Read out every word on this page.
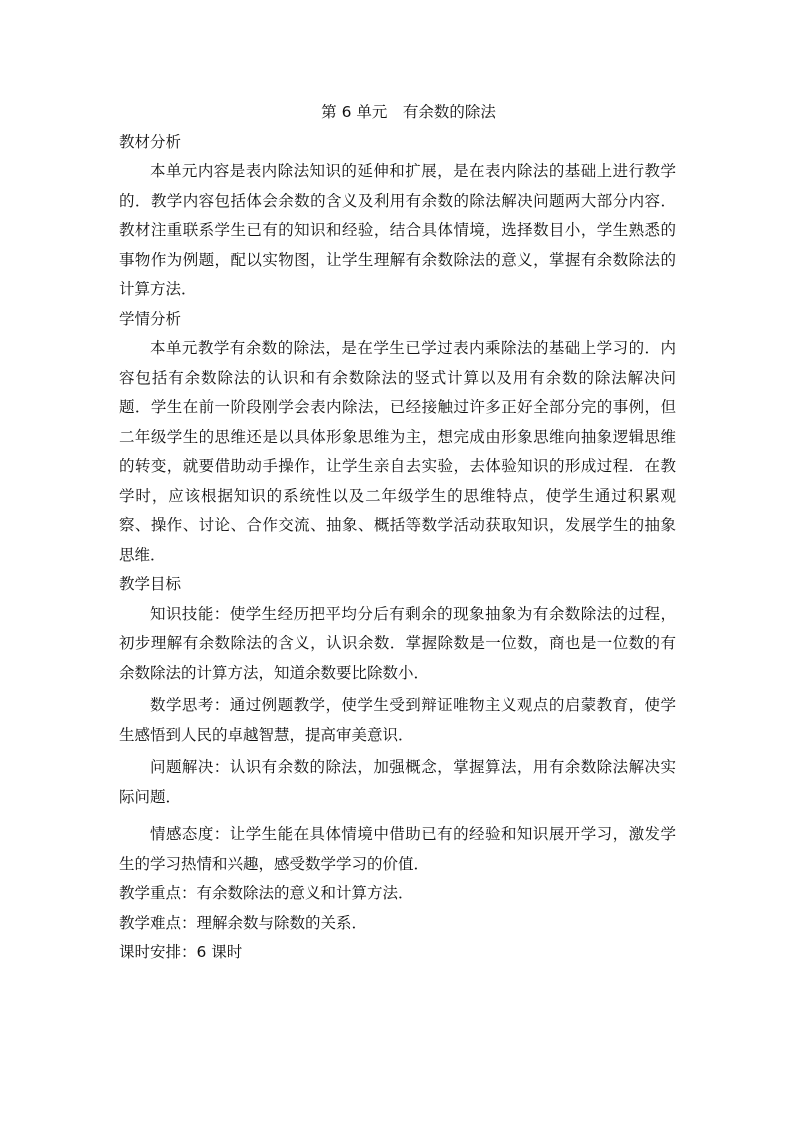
第 6 单元　有余数的除法
教材分析

本单元内容是表内除法知识的延伸和扩展，是在表内除法的基础上进行教学的．教学内容包括体会余数的含义及利用有余数的除法解决问题两大部分内容．教材注重联系学生已有的知识和经验，结合具体情境，选择数目小，学生熟悉的事物作为例题，配以实物图，让学生理解有余数除法的意义，掌握有余数除法的计算方法．

学情分析

本单元教学有余数的除法，是在学生已学过表内乘除法的基础上学习的．内容包括有余数除法的认识和有余数除法的竖式计算以及用有余数的除法解决问题．学生在前一阶段刚学会表内除法，已经接触过许多正好全部分完的事例，但二年级学生的思维还是以具体形象思维为主，想完成由形象思维向抽象逻辑思维的转变，就要借助动手操作，让学生亲自去实验，去体验知识的形成过程．在教学时，应该根据知识的系统性以及二年级学生的思维特点，使学生通过积累观察、操作、讨论、合作交流、抽象、概括等数学活动获取知识，发展学生的抽象思维．

教学目标

知识技能：使学生经历把平均分后有剩余的现象抽象为有余数除法的过程，初步理解有余数除法的含义，认识余数．掌握除数是一位数，商也是一位数的有余数除法的计算方法，知道余数要比除数小．

数学思考：通过例题教学，使学生受到辩证唯物主义观点的启蒙教育，使学生感悟到人民的卓越智慧，提高审美意识．

问题解决：认识有余数的除法，加强概念，掌握算法，用有余数除法解决实际问题．

情感态度：让学生能在具体情境中借助已有的经验和知识展开学习，激发学生的学习热情和兴趣，感受数学学习的价值．

教学重点：有余数除法的意义和计算方法．

教学难点：理解余数与除数的关系．

课时安排：6 课时
